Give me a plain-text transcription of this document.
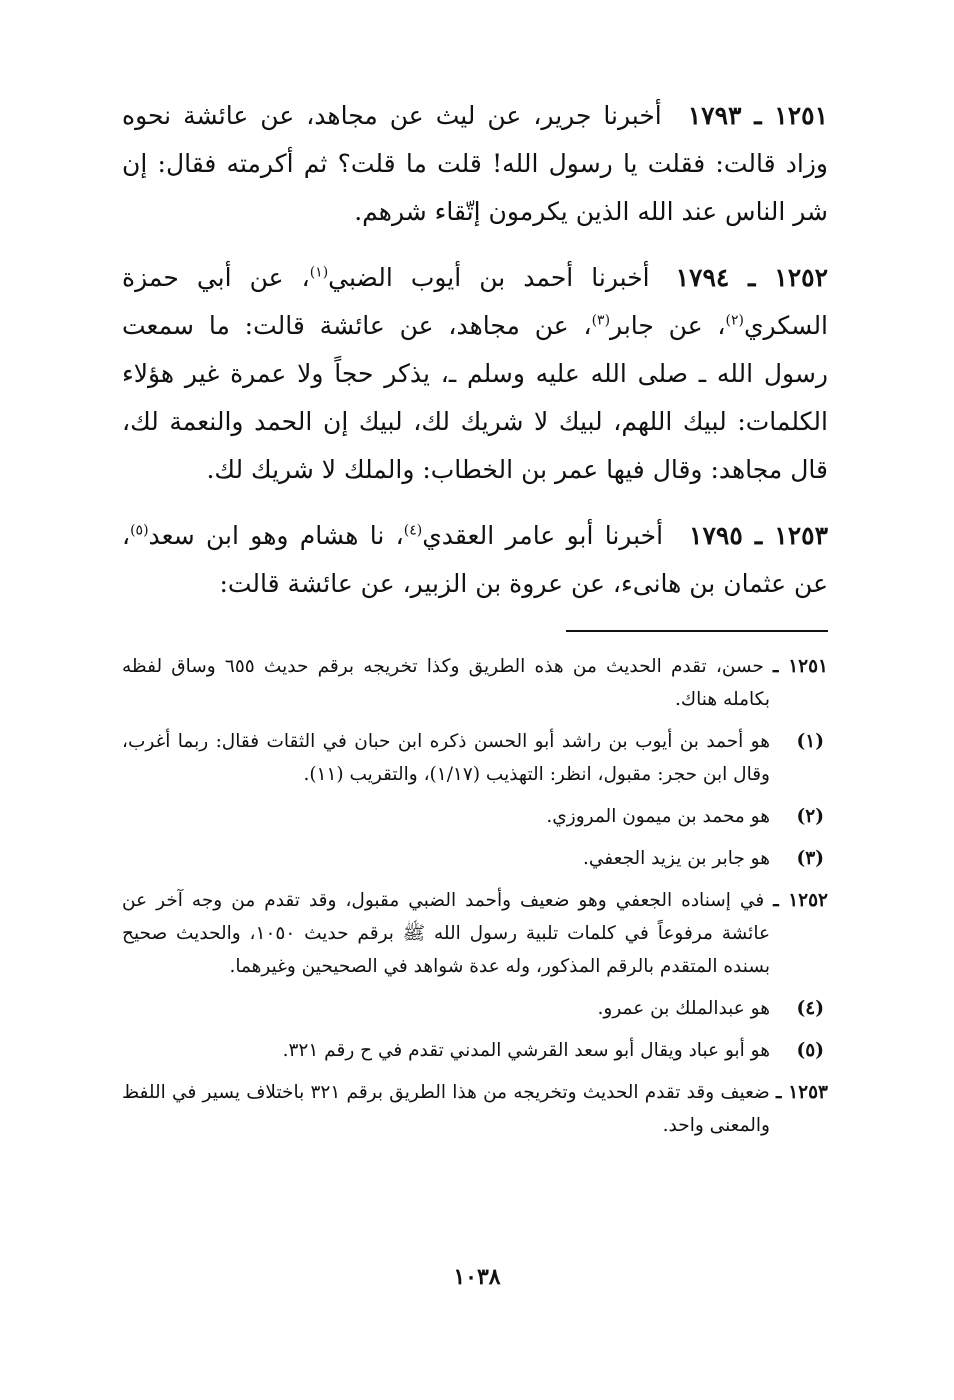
١٢٥١ ـ ١٧٩٣أخبرنا جرير، عن ليث عن مجاهد، عن عائشة نحوه وزاد قالت: فقلت يا رسول الله! قلت ما قلت؟ ثم أكرمته فقال: إن شر الناس عند الله الذين يكرمون إتّقاء شرهم.

١٢٥٢ ـ ١٧٩٤أخبرنا أحمد بن أيوب الضبي$^{(١)}$، عن أبي حمزة السكري$^{(٢)}$، عن جابر$^{(٣)}$، عن مجاهد، عن عائشة قالت: ما سمعت رسول الله ـ صلى الله عليه وسلم ـ، يذكر حجاً ولا عمرة غير هؤلاء الكلمات: لبيك اللهم، لبيك لا شريك لك، لبيك إن الحمد والنعمة لك، قال مجاهد: وقال فيها عمر بن الخطاب: والملك لا شريك لك.

١٢٥٣ ـ ١٧٩٥أخبرنا أبو عامر العقدي$^{(٤)}$، نا هشام وهو ابن سعد$^{(٥)}$، عن عثمان بن هانىء، عن عروة بن الزبير، عن عائشة قالت:

١٢٥١ ـ حسن، تقدم الحديث من هذه الطريق وكذا تخريجه برقم حديث ٦٥٥ وساق لفظه بكامله هناك.

(١)
هو أحمد بن أيوب بن راشد أبو الحسن ذكره ابن حبان في الثقات فقال: ربما أغرب، وقال ابن حجر: مقبول، انظر: التهذيب (١/١٧)، والتقريب (١١).

(٢)
هو محمد بن ميمون المروزي.

(٣)
هو جابر بن يزيد الجعفي.

١٢٥٢ ـ في إسناده الجعفي وهو ضعيف وأحمد الضبي مقبول، وقد تقدم من وجه آخر عن عائشة مرفوعاً في كلمات تلبية رسول الله ﷺ برقم حديث ١٠٥٠، والحديث صحيح بسنده المتقدم بالرقم المذكور، وله عدة شواهد في الصحيحين وغيرهما.

(٤)
هو عبدالملك بن عمرو.

(٥)
هو أبو عباد ويقال أبو سعد القرشي المدني تقدم في ح رقم ٣٢١.

١٢٥٣ ـ ضعيف وقد تقدم الحديث وتخريجه من هذا الطريق برقم ٣٢١ باختلاف يسير في اللفظ والمعنى واحد.

١٠٣٨
